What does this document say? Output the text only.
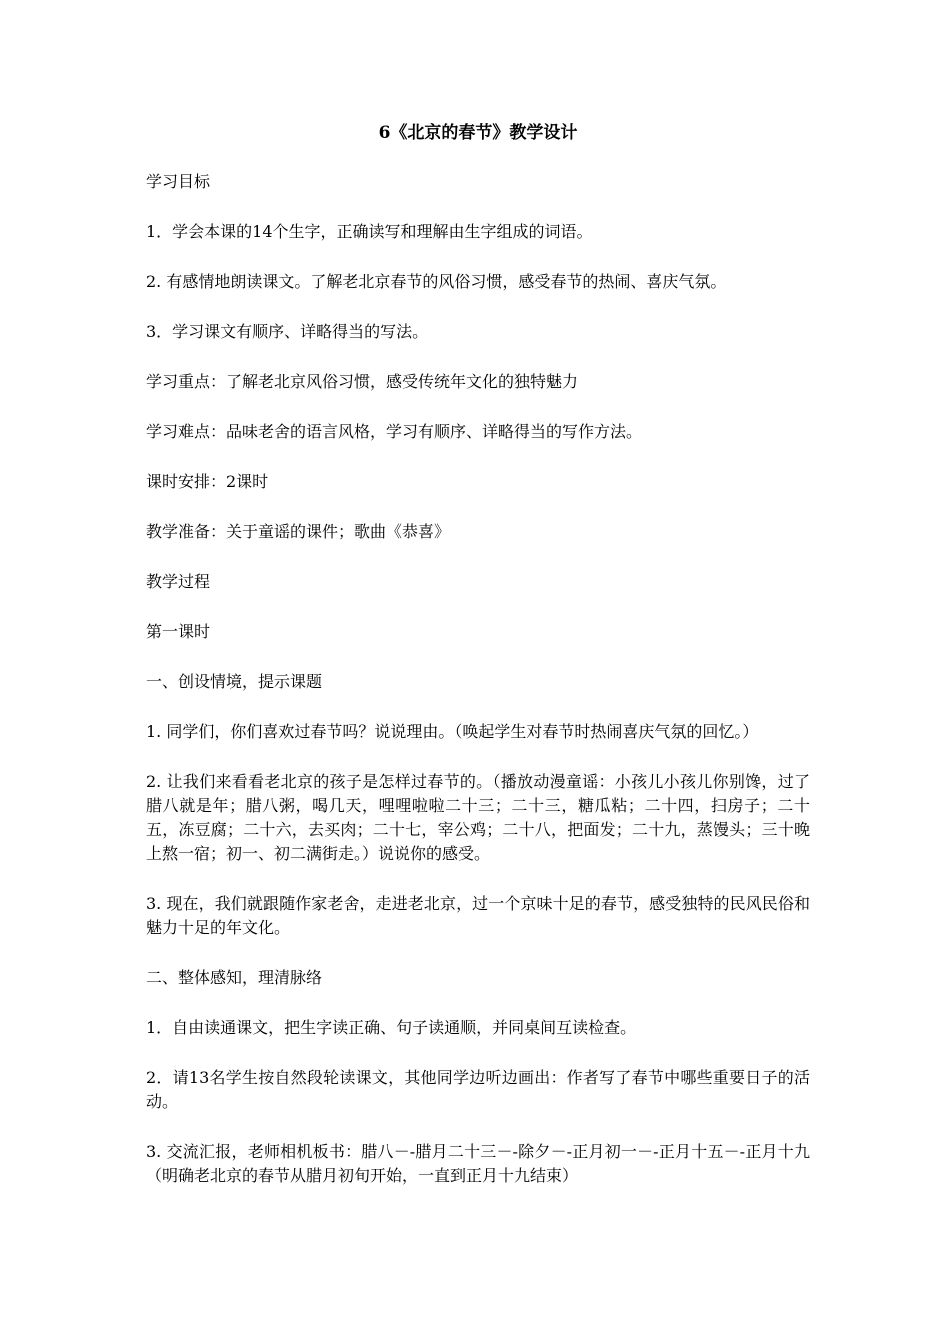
6《北京的春节》教学设计
学习目标
1．学会本课的14个生字，正确读写和理解由生字组成的词语。
2. 有感情地朗读课文。了解老北京春节的风俗习惯，感受春节的热闹、喜庆气氛。
3．学习课文有顺序、详略得当的写法。
学习重点：了解老北京风俗习惯，感受传统年文化的独特魅力
学习难点：品味老舍的语言风格，学习有顺序、详略得当的写作方法。
课时安排：2课时
教学准备：关于童谣的课件；歌曲《恭喜》
教学过程
第一课时
一、创设情境，提示课题
1. 同学们，你们喜欢过春节吗？说说理由。（唤起学生对春节时热闹喜庆气氛的回忆。）
2. 让我们来看看老北京的孩子是怎样过春节的。（播放动漫童谣：小孩儿小孩儿你别馋，过了腊八就是年；腊八粥，喝几天，哩哩啦啦二十三；二十三，糖瓜粘；二十四，扫房子；二十五，冻豆腐；二十六，去买肉；二十七，宰公鸡；二十八，把面发；二十九，蒸馒头；三十晚上熬一宿；初一、初二满街走。）说说你的感受。
3. 现在，我们就跟随作家老舍，走进老北京，过一个京味十足的春节，感受独特的民风民俗和魅力十足的年文化。
二、整体感知，理清脉络
1．自由读通课文，把生字读正确、句子读通顺，并同桌间互读检查。
2．请13名学生按自然段轮读课文，其他同学边听边画出：作者写了春节中哪些重要日子的活动。
3. 交流汇报，老师相机板书：腊八－-腊月二十三－-除夕－-正月初一－-正月十五－-正月十九（明确老北京的春节从腊月初旬开始，一直到正月十九结束）
